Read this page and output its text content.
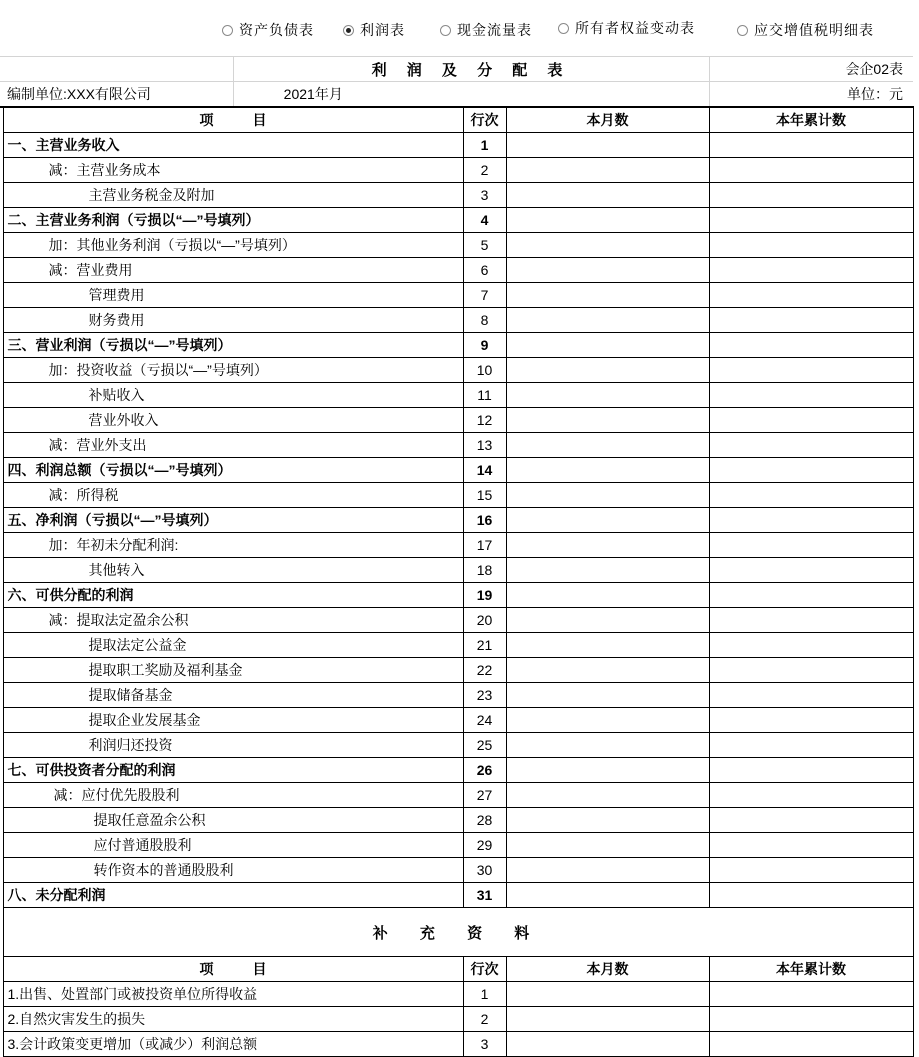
资产负债表	利润表	现金流量表	所有者权益变动表	应交增值税明细表
		利 润 及 分 配 表			会企02表
	编制单位:XXX有限公司	2021年月			单位：元
	项          目		行次	本月数	本年累计数
	一、主营业务收入		1		
	减：主营业务成本		2		
	主营业务税金及附加		3		
	二、主营业务利润（亏损以“—”号填列）		4		
	加：其他业务利润（亏损以“—”号填列）		5		
	减：营业费用		6		
	管理费用		7		
	财务费用		8		
	三、营业利润（亏损以“—”号填列）		9		
	加：投资收益（亏损以“—”号填列）		10		
	补贴收入		11		
	营业外收入		12		
	减：营业外支出		13		
	四、利润总额（亏损以“—”号填列）		14		
	减：所得税		15		
	五、净利润（亏损以“—”号填列）		16		
	加：年初未分配利润:		17		
	其他转入		18		
	六、可供分配的利润		19		
	减：提取法定盈余公积		20		
	提取法定公益金		21		
	提取职工奖励及福利基金		22		
	提取储备基金		23		
	提取企业发展基金		24		
	利润归还投资		25		
	七、可供投资者分配的利润		26		
	减：应付优先股股利		27		
	提取任意盈余公积		28		
	应付普通股股利		29		
	转作资本的普通股股利		30		
	八、未分配利润		31		
	补 充 资 料				
	项          目		行次	本月数	本年累计数
	1.出售、处置部门或被投资单位所得收益		1		
	2.自然灾害发生的损失		2		
	3.会计政策变更增加（或减少）利润总额		3		
